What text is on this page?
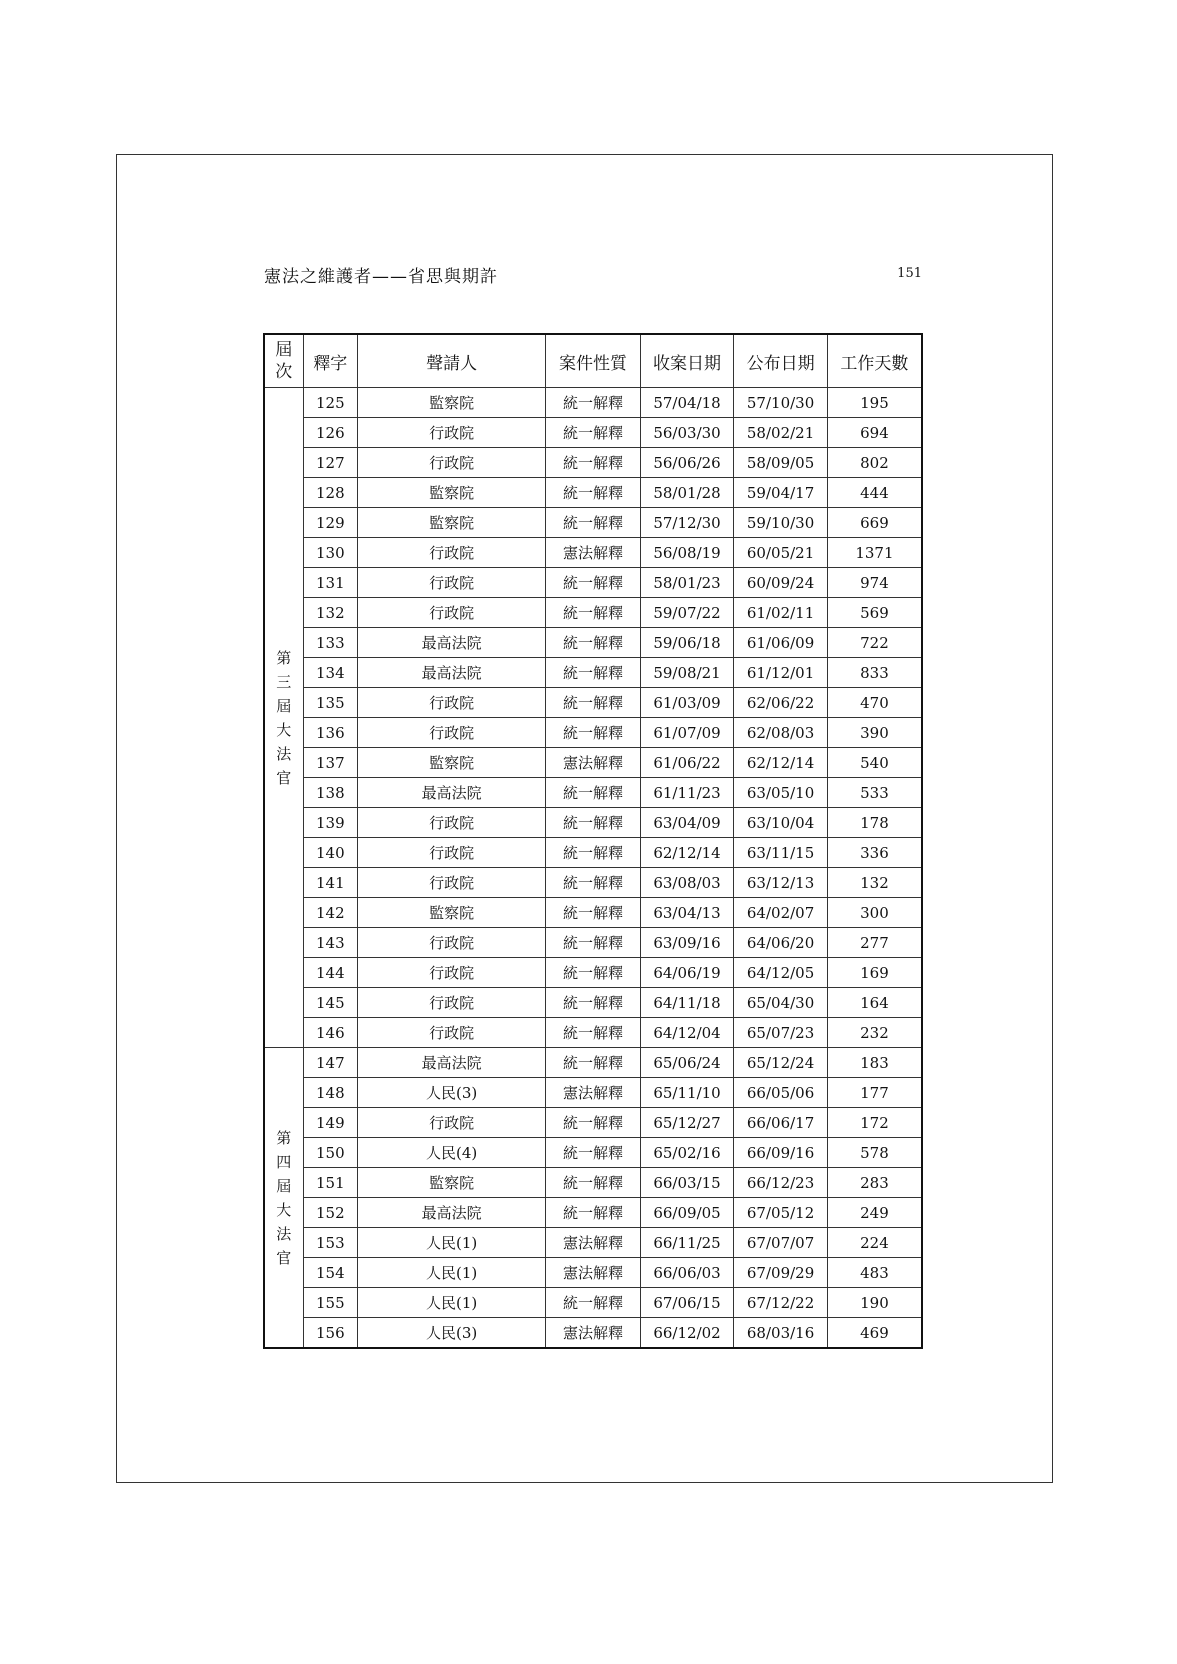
憲法之維護者——省思與期許	151
屆次	釋字	聲請人	案件性質	收案日期	公布日期	工作天數
第三屆大法官	125	監察院	統一解釋	57/04/18	57/10/30	195
	126	行政院	統一解釋	56/03/30	58/02/21	694
	127	行政院	統一解釋	56/06/26	58/09/05	802
	128	監察院	統一解釋	58/01/28	59/04/17	444
	129	監察院	統一解釋	57/12/30	59/10/30	669
	130	行政院	憲法解釋	56/08/19	60/05/21	1371
	131	行政院	統一解釋	58/01/23	60/09/24	974
	132	行政院	統一解釋	59/07/22	61/02/11	569
	133	最高法院	統一解釋	59/06/18	61/06/09	722
	134	最高法院	統一解釋	59/08/21	61/12/01	833
	135	行政院	統一解釋	61/03/09	62/06/22	470
	136	行政院	統一解釋	61/07/09	62/08/03	390
	137	監察院	憲法解釋	61/06/22	62/12/14	540
	138	最高法院	統一解釋	61/11/23	63/05/10	533
	139	行政院	統一解釋	63/04/09	63/10/04	178
	140	行政院	統一解釋	62/12/14	63/11/15	336
	141	行政院	統一解釋	63/08/03	63/12/13	132
	142	監察院	統一解釋	63/04/13	64/02/07	300
	143	行政院	統一解釋	63/09/16	64/06/20	277
	144	行政院	統一解釋	64/06/19	64/12/05	169
	145	行政院	統一解釋	64/11/18	65/04/30	164
	146	行政院	統一解釋	64/12/04	65/07/23	232
第四屆大法官	147	最高法院	統一解釋	65/06/24	65/12/24	183
	148	人民(3)	憲法解釋	65/11/10	66/05/06	177
	149	行政院	統一解釋	65/12/27	66/06/17	172
	150	人民(4)	統一解釋	65/02/16	66/09/16	578
	151	監察院	統一解釋	66/03/15	66/12/23	283
	152	最高法院	統一解釋	66/09/05	67/05/12	249
	153	人民(1)	憲法解釋	66/11/25	67/07/07	224
	154	人民(1)	憲法解釋	66/06/03	67/09/29	483
	155	人民(1)	統一解釋	67/06/15	67/12/22	190
	156	人民(3)	憲法解釋	66/12/02	68/03/16	469
